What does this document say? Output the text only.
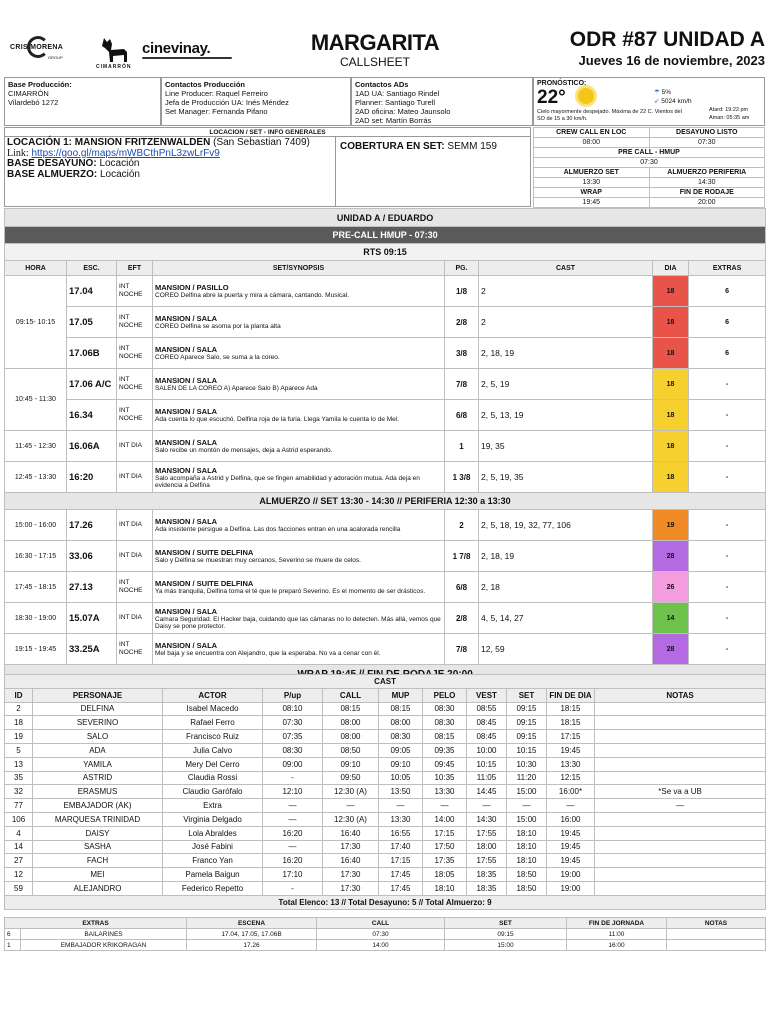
CRIS MORENA
GROUP
CIMARRÓN
cinevinay.	MARGARITA
CALLSHEET
ODR #87 UNIDAD A
Jueves 16 de noviembre, 2023
Base Producción:
CIMARRÓN
Vilardebó 1272
Contactos Producción
Line Producer: Raquel Ferreiro
Jefa de Producción UA: Inés Méndez
Set Manager: Fernanda Pifano
Contactos ADs
1AD UA: Santiago Rindel
Planner: Santiago Turell
2AD oficina: Mateo Jaunsolo
2AD set: Martín Borrás
PRONÓSTICO:
22°	☂ 5%
➶ 5024 km/h
Cielo mayormente despejado. Máxima de 22 C. Vientos del SO de 15 a 30 km/h.
Atard: 19:22 pm
Aman: 05:35 am
LOCACION / SET - INFO GENERALES
LOCACIÓN 1: MANSION FRITZENWALDEN (San Sebastian 7409)
Link: https://goo.gl/maps/mWBCthPnL3zwLrFv9
BASE DESAYUNO: Locación
BASE ALMUERZO: Locación
COBERTURA EN SET: SEMM 159
CREW CALL EN LOC	DESAYUNO LISTO
08:00	07:30
PRE CALL - HMUP	
07:30	
ALMUERZO SET	ALMUERZO PERIFERIA
13:30	14:30
WRAP	FIN DE RODAJE
19:45	20:00
UNIDAD A / EDUARDO							
PRE-CALL HMUP - 07:30							
RTS 09:15							
HORA	ESC.	EFT	SET/SYNOPSIS	PG.	CAST	DIA	EXTRAS
09:15- 10:15	17.04	INT NOCHE	MANSION / PASILLO
COREO Delfina abre la puerta y mira a cámara, cantando. Musical.	1/8	2	18	6
	17.05	INT NOCHE	MANSION / SALA
COREO Delfina se asoma por la planta alta	2/8	2	18	6
	17.06B	INT NOCHE	MANSION / SALA
COREO Aparece Salo, se suma a la coreo.	3/8	2, 18, 19	18	6
10:45 - 11:30	17.06 A/C	INT NOCHE	MANSION / SALA
SALEN DE LA COREO A) Aparece Salo B) Aparece Ada	7/8	2, 5, 19	18	-
	16.34	INT NOCHE	MANSION / SALA
Ada cuenta lo que escuchó. Delfina roja de la furia. Llega Yamila le cuenta lo de Mel.	6/8	2, 5, 13, 19	18	-
11:45 - 12:30	16.06A	INT DIA	MANSION / SALA
Salo recibe un montón de mensajes, deja a Astrid esperando.	1	19, 35	18	-
12:45 - 13:30	16:20	INT DIA	MANSION / SALA
Salo acompaña a Astrid y Delfina, que se fingen amabilidad y adoración mutua. Ada deja en evidencia a Delfina	1 3/8	2, 5, 19, 35	18	-
ALMUERZO // SET 13:30 - 14:30 // PERIFERIA 12:30 a 13:30							
15:00 - 16:00	17.26	INT DIA	MANSION / SALA
Ada insistente persigue a Delfina. Las dos facciones entran en una acalorada rencilla	2	2, 5, 18, 19, 32, 77, 106	19	-
16:30 - 17:15	33.06	INT DIA	MANSION / SUITE DELFINA
Salo y Delfina se muestran muy cercanos, Severino se muere de celos.	1 7/8	2, 18, 19	28	-
17:45 - 18:15	27.13	INT NOCHE	MANSION / SUITE DELFINA
Ya más tranquila, Delfina toma el té que le preparó Severino. Es el momento de ser drásticos.	6/8	2, 18	26	-
18:30 - 19:00	15.07A	INT DIA	MANSION / SALA
Camara Seguridad. El Hacker baja, cuidando que las cámaras no lo detecten. Más allá, vemos que Daisy se pone protector.	2/8	4, 5, 14, 27	14	-
19:15 - 19:45	33.25A	INT NOCHE	MANSION / SALA
Mel baja y se encuentra con Alejandro, que la esperaba. No va a cenar con él.	7/8	12, 59	28	-

CAST										
ID	PERSONAJE	ACTOR	P/up	CALL	MUP	PELO	VEST	SET	FIN DE DIA	NOTAS
2	DELFINA	Isabel Macedo	08:10	08:15	08:15	08:30	08:55	09:15	18:15	
18	SEVERINO	Rafael Ferro	07:30	08:00	08:00	08:30	08:45	09:15	18:15	
19	SALO	Francisco Ruiz	07:35	08:00	08:30	08:15	08:45	09:15	17:15	
5	ADA	Julia Calvo	08:30	08:50	09:05	09:35	10:00	10:15	19:45	
13	YAMILA	Mery Del Cerro	09:00	09:10	09:10	09:45	10:15	10:30	13:30	
35	ASTRID	Claudia Rossi	-	09:50	10:05	10:35	11:05	11:20	12:15	
32	ERASMUS	Claudio Garófalo	12:10	12:30 (A)	13:50	13:30	14:45	15:00	16:00*	*Se va a UB
77	EMBAJADOR (AK)	Extra	—	—	—	—	—	—	—	—
106	MARQUESA TRINIDAD	Virginia Delgado	—	12:30 (A)	13:30	14:00	14:30	15:00	16:00	
4	DAISY	Lola Abraldes	16:20	16:40	16:55	17:15	17:55	18:10	19:45	
14	SASHA	José Fabini	—	17:30	17:40	17:50	18:00	18:10	19:45	
27	FACH	Franco Yan	16:20	16:40	17:15	17:35	17:55	18:10	19:45	
12	MEI	Pamela Baigun	17:10	17:30	17:45	18:05	18:35	18:50	19:00	
59	ALEJANDRO	Federico Repetto	-	17:30	17:45	18:10	18:35	18:50	19:00	
Total Elenco: 13 // Total Desayuno: 5 // Total Almuerzo: 9										
EXTRAS		ESCENA	CALL	SET	FIN DE JORNADA	NOTAS
6	BAILARINES	17.04, 17.05, 17.06B	07:30	09:15	11:00	
1	EMBAJADOR KRIKORAGAN	17.26	14:00	15:00	16:00	
